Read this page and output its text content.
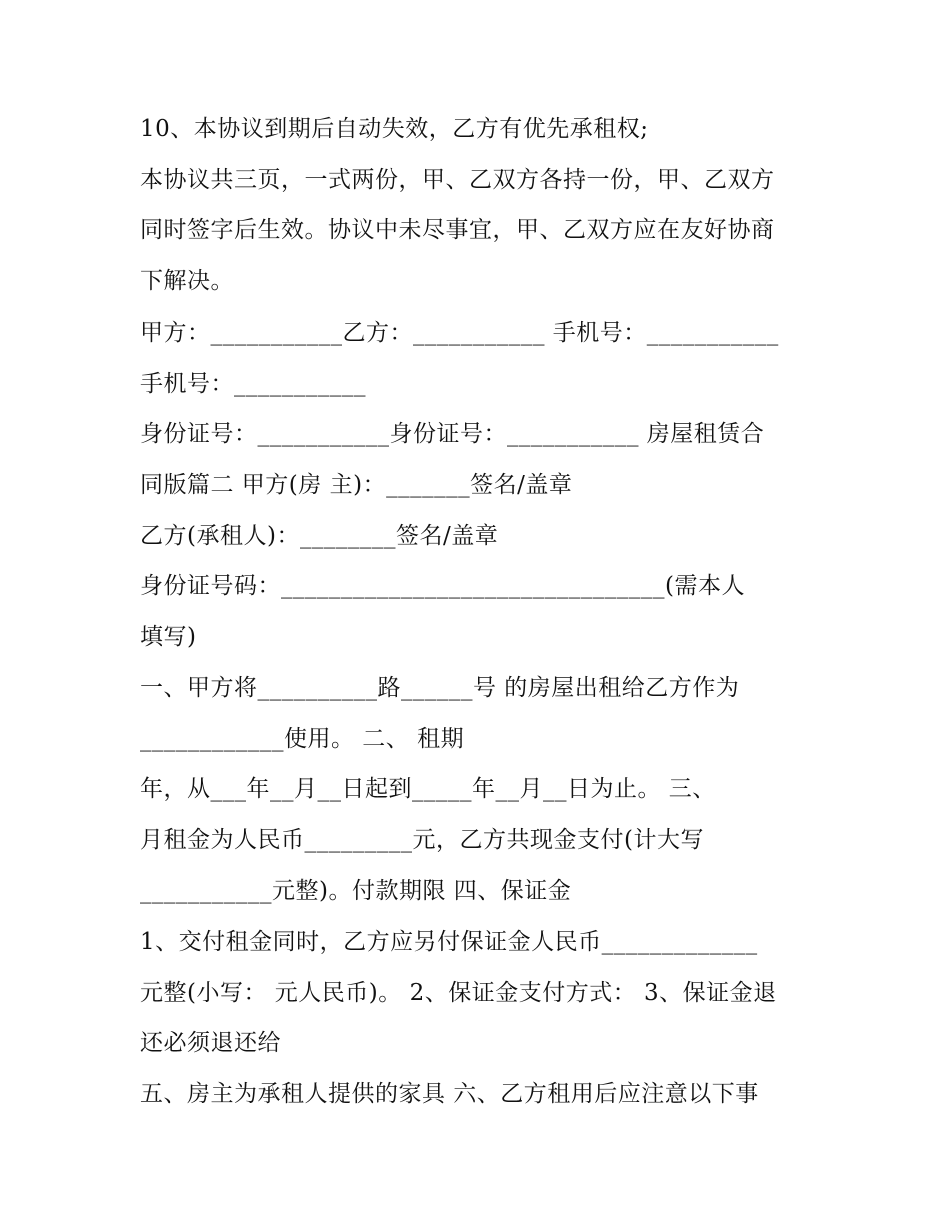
10、本协议到期后自动失效，乙方有优先承租权;
本协议共三页，一式两份，甲、乙双方各持一份，甲、乙双方
同时签字后生效。协议中未尽事宜，甲、乙双方应在友好协商
下解决。
甲方：___________乙方：___________ 手机号：___________
手机号：___________
身份证号：___________身份证号：___________ 房屋租赁合
同版篇二 甲方(房 主)：_______签名/盖章
乙方(承租人)：________签名/盖章
身份证号码：________________________________(需本人
填写)
一、甲方将__________路______号 的房屋出租给乙方作为
____________使用。 二、 租期
年，从___年__月__日起到_____年__月__日为止。 三、
月租金为人民币_________元，乙方共现金支付(计大写
___________元整)。付款期限 四、保证金
1、交付租金同时，乙方应另付保证金人民币_____________
元整(小写： 元人民币)。 2、保证金支付方式： 3、保证金退
还必须退还给
五、房主为承租人提供的家具 六、乙方租用后应注意以下事
